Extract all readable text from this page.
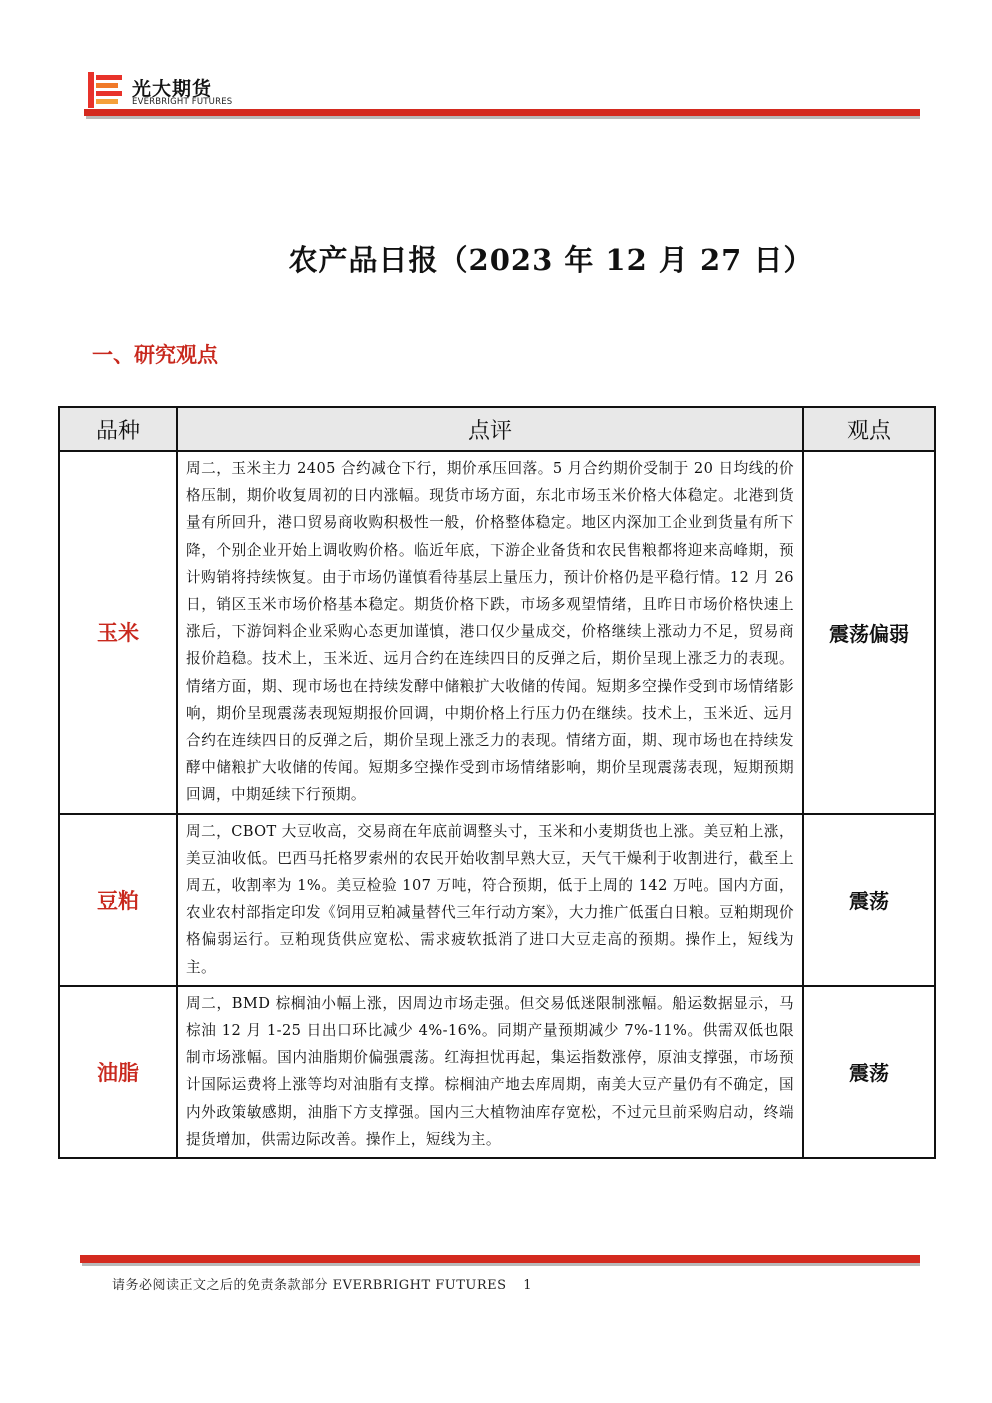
光大期货
EVERBRIGHT FUTURES
农产品日报（2023 年 12 月 27 日）
一、研究观点
品种	点评	观点
玉米	周二，玉米主力 2405 合约减仓下行，期价承压回落。5 月合约期价受制于 20 日均线的价格压制，期价收复周初的日内涨幅。现货市场方面，东北市场玉米价格大体稳定。北港到货量有所回升，港口贸易商收购积极性一般，价格整体稳定。地区内深加工企业到货量有所下降，个别企业开始上调收购价格。临近年底，下游企业备货和农民售粮都将迎来高峰期，预计购销将持续恢复。由于市场仍谨慎看待基层上量压力，预计价格仍是平稳行情。12 月 26 日，销区玉米市场价格基本稳定。期货价格下跌，市场多观望情绪，且昨日市场价格快速上涨后，下游饲料企业采购心态更加谨慎，港口仅少量成交，价格继续上涨动力不足，贸易商报价趋稳。技术上，玉米近、远月合约在连续四日的反弹之后，期价呈现上涨乏力的表现。情绪方面，期、现市场也在持续发酵中储粮扩大收储的传闻。短期多空操作受到市场情绪影响，期价呈现震荡表现短期报价回调，中期价格上行压力仍在继续。技术上，玉米近、远月合约在连续四日的反弹之后，期价呈现上涨乏力的表现。情绪方面，期、现市场也在持续发酵中储粮扩大收储的传闻。短期多空操作受到市场情绪影响，期价呈现震荡表现，短期预期回调，中期延续下行预期。	震荡偏弱
豆粕	周二，CBOT 大豆收高，交易商在年底前调整头寸，玉米和小麦期货也上涨。美豆粕上涨，美豆油收低。巴西马托格罗索州的农民开始收割早熟大豆，天气干燥利于收割进行，截至上周五，收割率为 1%。美豆检验 107 万吨，符合预期，低于上周的 142 万吨。国内方面，农业农村部指定印发《饲用豆粕减量替代三年行动方案》，大力推广低蛋白日粮。豆粕期现价格偏弱运行。豆粕现货供应宽松、需求疲软抵消了进口大豆走高的预期。操作上，短线为主。	震荡
油脂	周二，BMD 棕榈油小幅上涨，因周边市场走强。但交易低迷限制涨幅。船运数据显示，马棕油 12 月 1-25 日出口环比减少 4%-16%。同期产量预期减少 7%-11%。供需双低也限制市场涨幅。国内油脂期价偏强震荡。红海担忧再起，集运指数涨停，原油支撑强，市场预计国际运费将上涨等均对油脂有支撑。棕榈油产地去库周期，南美大豆产量仍有不确定，国内外政策敏感期，油脂下方支撑强。国内三大植物油库存宽松，不过元旦前采购启动，终端提货增加，供需边际改善。操作上，短线为主。	震荡
请务必阅读正文之后的免责条款部分 EVERBRIGHT FUTURES 1
